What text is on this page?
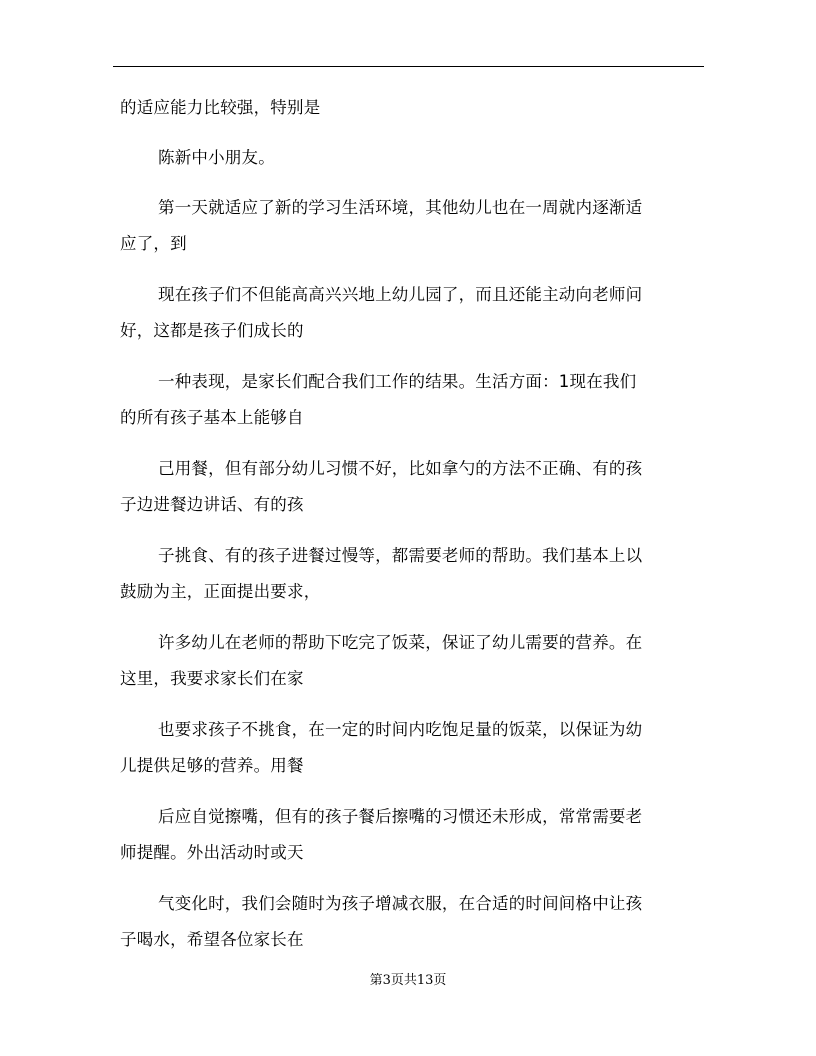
的适应能力比较强，特别是
陈新中小朋友。
第一天就适应了新的学习生活环境，其他幼儿也在一周就内逐渐适
应了，到
现在孩子们不但能高高兴兴地上幼儿园了，而且还能主动向老师问
好，这都是孩子们成长的
一种表现，是家长们配合我们工作的结果。生活方面：1现在我们
的所有孩子基本上能够自
己用餐，但有部分幼儿习惯不好，比如拿勺的方法不正确、有的孩
子边进餐边讲话、有的孩
子挑食、有的孩子进餐过慢等，都需要老师的帮助。我们基本上以
鼓励为主，正面提出要求，
许多幼儿在老师的帮助下吃完了饭菜，保证了幼儿需要的营养。在
这里，我要求家长们在家
也要求孩子不挑食，在一定的时间内吃饱足量的饭菜，以保证为幼
儿提供足够的营养。用餐
后应自觉擦嘴，但有的孩子餐后擦嘴的习惯还未形成，常常需要老
师提醒。外出活动时或天
气变化时，我们会随时为孩子增减衣服，在合适的时间间格中让孩
子喝水，希望各位家长在
第3页共13页
